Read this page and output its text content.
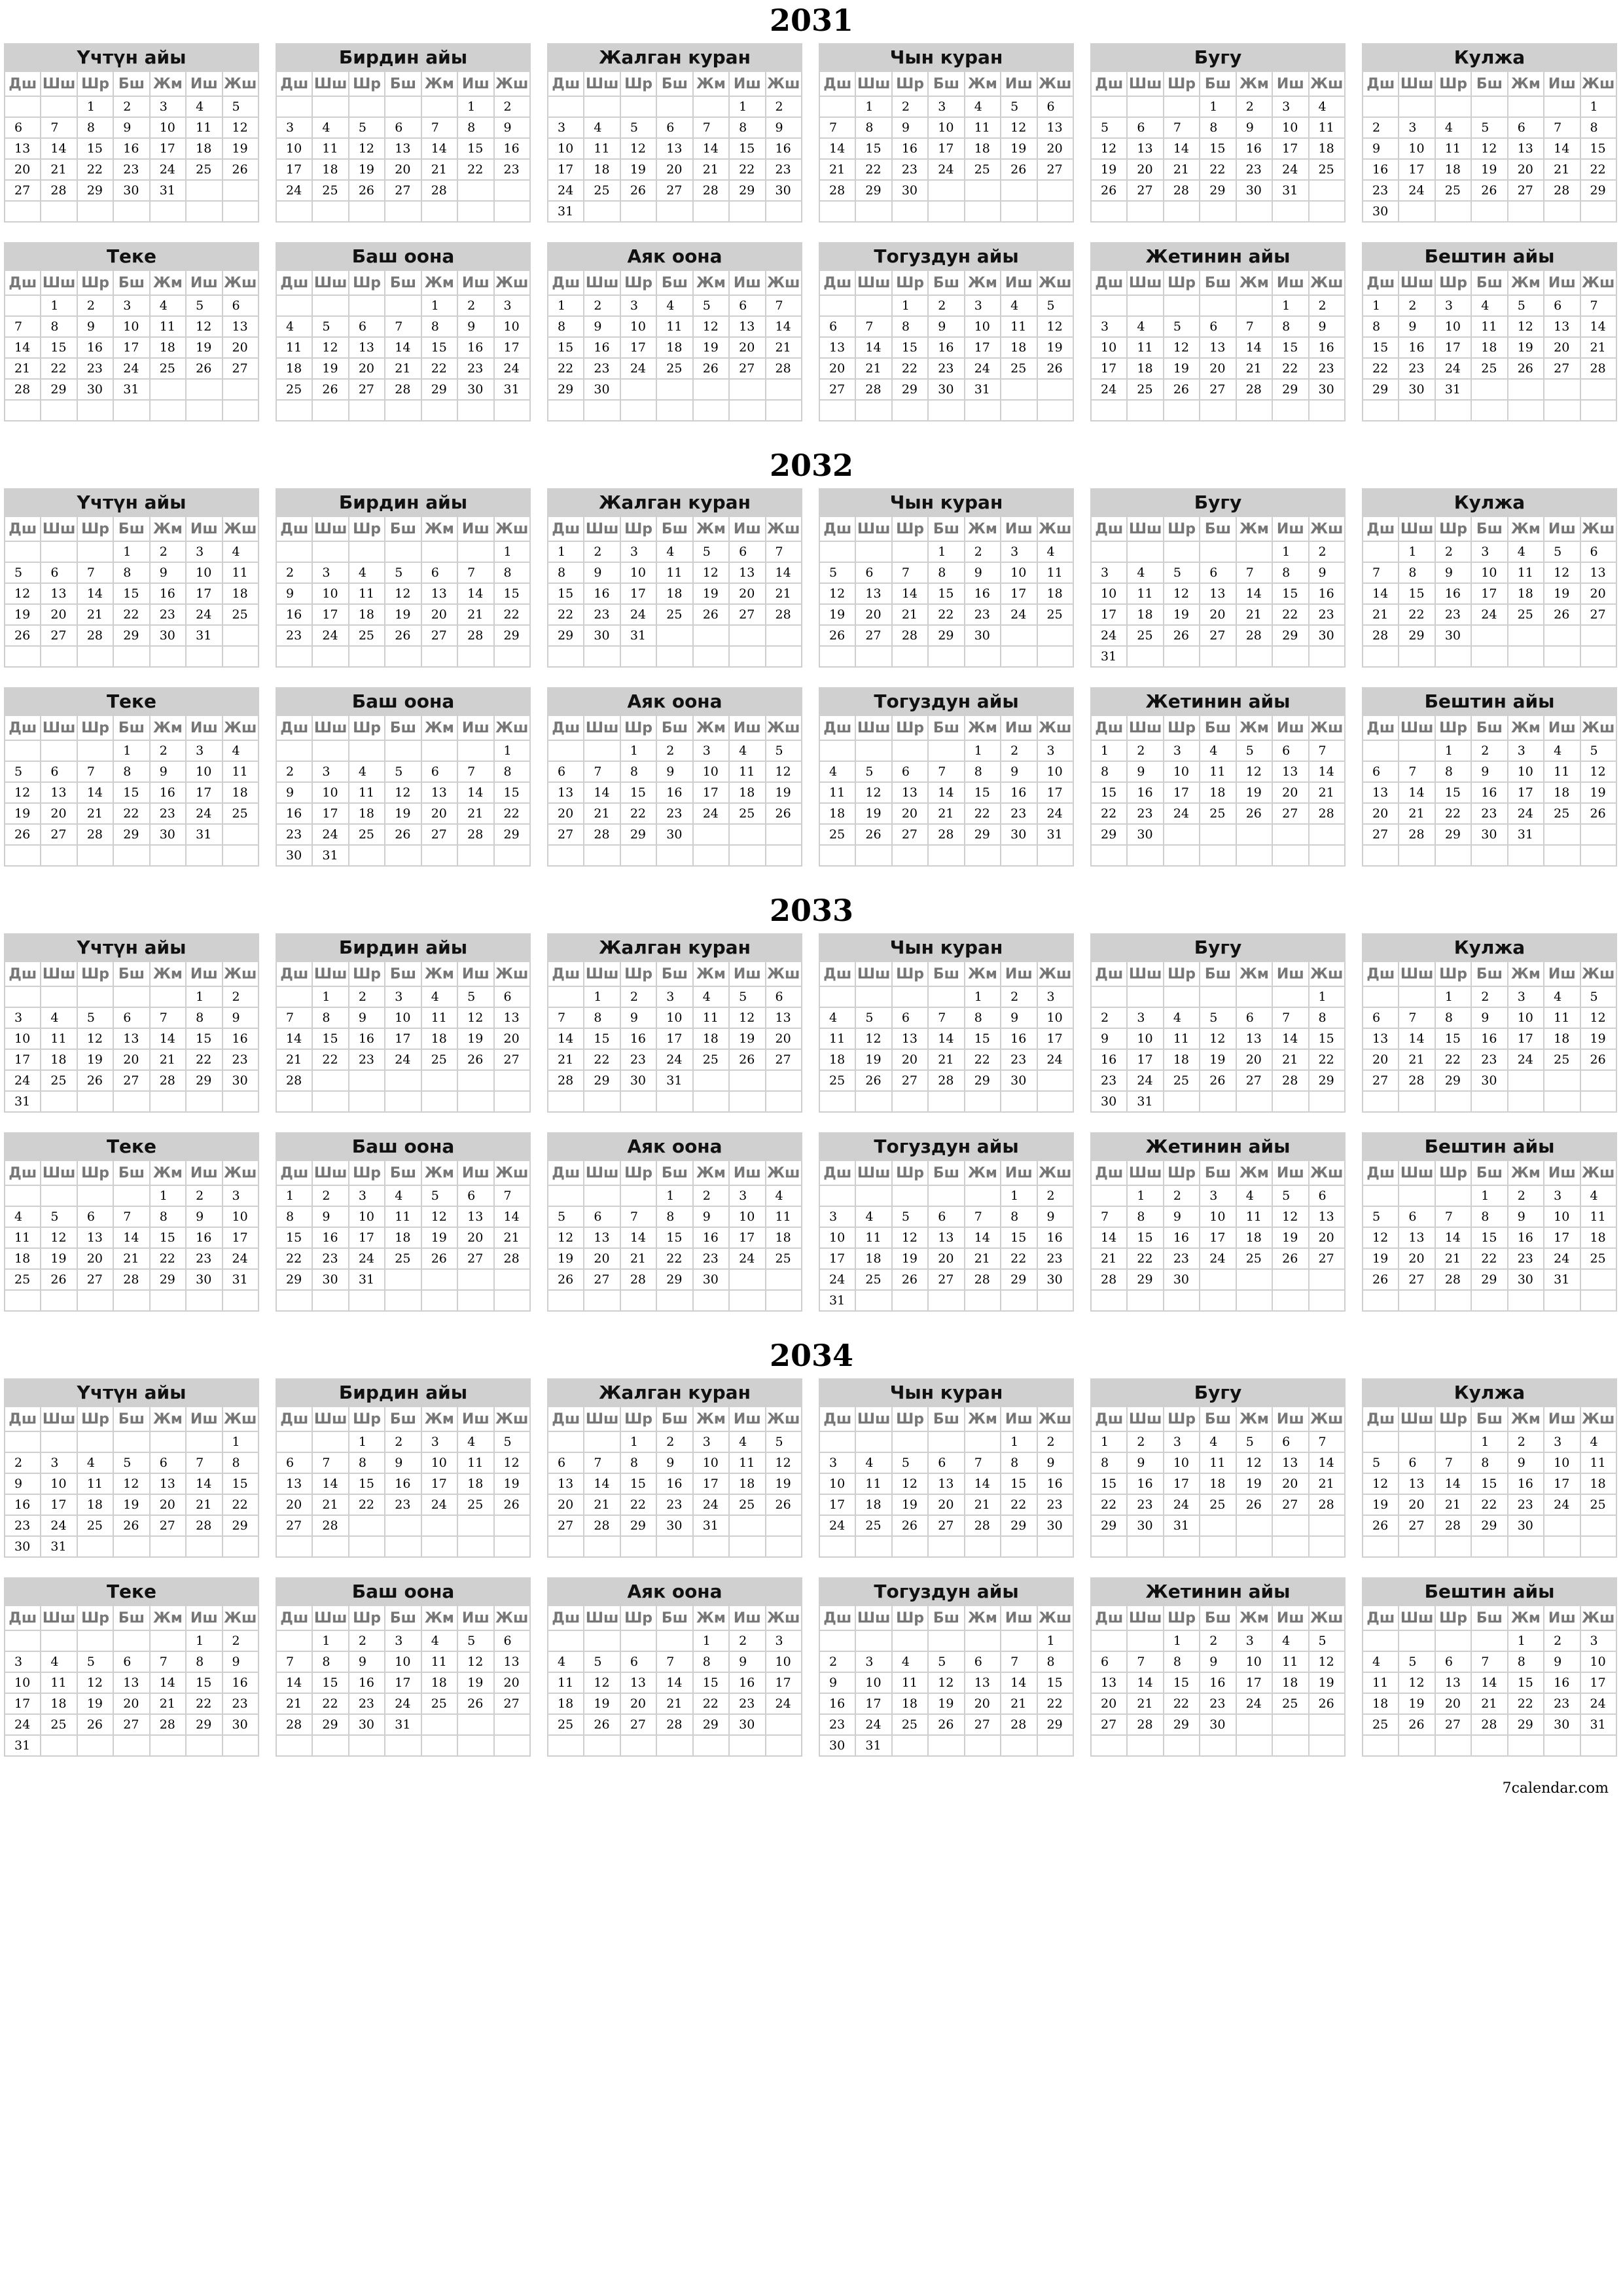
2031
Үчтүн айы
Дш	Шш	Шр	Бш	Жм	Иш	Жш
		1	2	3	4	5
6	7	8	9	10	11	12
13	14	15	16	17	18	19
20	21	22	23	24	25	26
27	28	29	30	31		

Бирдин айы
Дш	Шш	Шр	Бш	Жм	Иш	Жш
					1	2
3	4	5	6	7	8	9
10	11	12	13	14	15	16
17	18	19	20	21	22	23
24	25	26	27	28		

Жалган куран
Дш	Шш	Шр	Бш	Жм	Иш	Жш
					1	2
3	4	5	6	7	8	9
10	11	12	13	14	15	16
17	18	19	20	21	22	23
24	25	26	27	28	29	30
31						
Чын куран
Дш	Шш	Шр	Бш	Жм	Иш	Жш
	1	2	3	4	5	6
7	8	9	10	11	12	13
14	15	16	17	18	19	20
21	22	23	24	25	26	27
28	29	30				

Бугу
Дш	Шш	Шр	Бш	Жм	Иш	Жш
			1	2	3	4
5	6	7	8	9	10	11
12	13	14	15	16	17	18
19	20	21	22	23	24	25
26	27	28	29	30	31	

Кулжа
Дш	Шш	Шр	Бш	Жм	Иш	Жш
						1
2	3	4	5	6	7	8
9	10	11	12	13	14	15
16	17	18	19	20	21	22
23	24	25	26	27	28	29
30						
Теке
Дш	Шш	Шр	Бш	Жм	Иш	Жш
	1	2	3	4	5	6
7	8	9	10	11	12	13
14	15	16	17	18	19	20
21	22	23	24	25	26	27
28	29	30	31			

Баш оона
Дш	Шш	Шр	Бш	Жм	Иш	Жш
				1	2	3
4	5	6	7	8	9	10
11	12	13	14	15	16	17
18	19	20	21	22	23	24
25	26	27	28	29	30	31

Аяк оона
Дш	Шш	Шр	Бш	Жм	Иш	Жш
1	2	3	4	5	6	7
8	9	10	11	12	13	14
15	16	17	18	19	20	21
22	23	24	25	26	27	28
29	30					

Тогуздун айы
Дш	Шш	Шр	Бш	Жм	Иш	Жш
		1	2	3	4	5
6	7	8	9	10	11	12
13	14	15	16	17	18	19
20	21	22	23	24	25	26
27	28	29	30	31		

Жетинин айы
Дш	Шш	Шр	Бш	Жм	Иш	Жш
					1	2
3	4	5	6	7	8	9
10	11	12	13	14	15	16
17	18	19	20	21	22	23
24	25	26	27	28	29	30

Бештин айы
Дш	Шш	Шр	Бш	Жм	Иш	Жш
1	2	3	4	5	6	7
8	9	10	11	12	13	14
15	16	17	18	19	20	21
22	23	24	25	26	27	28
29	30	31				

2032
Үчтүн айы
Дш	Шш	Шр	Бш	Жм	Иш	Жш
			1	2	3	4
5	6	7	8	9	10	11
12	13	14	15	16	17	18
19	20	21	22	23	24	25
26	27	28	29	30	31	

Бирдин айы
Дш	Шш	Шр	Бш	Жм	Иш	Жш
						1
2	3	4	5	6	7	8
9	10	11	12	13	14	15
16	17	18	19	20	21	22
23	24	25	26	27	28	29

Жалган куран
Дш	Шш	Шр	Бш	Жм	Иш	Жш
1	2	3	4	5	6	7
8	9	10	11	12	13	14
15	16	17	18	19	20	21
22	23	24	25	26	27	28
29	30	31				

Чын куран
Дш	Шш	Шр	Бш	Жм	Иш	Жш
			1	2	3	4
5	6	7	8	9	10	11
12	13	14	15	16	17	18
19	20	21	22	23	24	25
26	27	28	29	30		

Бугу
Дш	Шш	Шр	Бш	Жм	Иш	Жш
					1	2
3	4	5	6	7	8	9
10	11	12	13	14	15	16
17	18	19	20	21	22	23
24	25	26	27	28	29	30
31						
Кулжа
Дш	Шш	Шр	Бш	Жм	Иш	Жш
	1	2	3	4	5	6
7	8	9	10	11	12	13
14	15	16	17	18	19	20
21	22	23	24	25	26	27
28	29	30				

Теке
Дш	Шш	Шр	Бш	Жм	Иш	Жш
			1	2	3	4
5	6	7	8	9	10	11
12	13	14	15	16	17	18
19	20	21	22	23	24	25
26	27	28	29	30	31	

Баш оона
Дш	Шш	Шр	Бш	Жм	Иш	Жш
						1
2	3	4	5	6	7	8
9	10	11	12	13	14	15
16	17	18	19	20	21	22
23	24	25	26	27	28	29
30	31					
Аяк оона
Дш	Шш	Шр	Бш	Жм	Иш	Жш
		1	2	3	4	5
6	7	8	9	10	11	12
13	14	15	16	17	18	19
20	21	22	23	24	25	26
27	28	29	30			

Тогуздун айы
Дш	Шш	Шр	Бш	Жм	Иш	Жш
				1	2	3
4	5	6	7	8	9	10
11	12	13	14	15	16	17
18	19	20	21	22	23	24
25	26	27	28	29	30	31

Жетинин айы
Дш	Шш	Шр	Бш	Жм	Иш	Жш
1	2	3	4	5	6	7
8	9	10	11	12	13	14
15	16	17	18	19	20	21
22	23	24	25	26	27	28
29	30					

Бештин айы
Дш	Шш	Шр	Бш	Жм	Иш	Жш
		1	2	3	4	5
6	7	8	9	10	11	12
13	14	15	16	17	18	19
20	21	22	23	24	25	26
27	28	29	30	31		

2033
Үчтүн айы
Дш	Шш	Шр	Бш	Жм	Иш	Жш
					1	2
3	4	5	6	7	8	9
10	11	12	13	14	15	16
17	18	19	20	21	22	23
24	25	26	27	28	29	30
31						
Бирдин айы
Дш	Шш	Шр	Бш	Жм	Иш	Жш
	1	2	3	4	5	6
7	8	9	10	11	12	13
14	15	16	17	18	19	20
21	22	23	24	25	26	27
28						

Жалган куран
Дш	Шш	Шр	Бш	Жм	Иш	Жш
	1	2	3	4	5	6
7	8	9	10	11	12	13
14	15	16	17	18	19	20
21	22	23	24	25	26	27
28	29	30	31			

Чын куран
Дш	Шш	Шр	Бш	Жм	Иш	Жш
				1	2	3
4	5	6	7	8	9	10
11	12	13	14	15	16	17
18	19	20	21	22	23	24
25	26	27	28	29	30	

Бугу
Дш	Шш	Шр	Бш	Жм	Иш	Жш
						1
2	3	4	5	6	7	8
9	10	11	12	13	14	15
16	17	18	19	20	21	22
23	24	25	26	27	28	29
30	31					
Кулжа
Дш	Шш	Шр	Бш	Жм	Иш	Жш
		1	2	3	4	5
6	7	8	9	10	11	12
13	14	15	16	17	18	19
20	21	22	23	24	25	26
27	28	29	30			

Теке
Дш	Шш	Шр	Бш	Жм	Иш	Жш
				1	2	3
4	5	6	7	8	9	10
11	12	13	14	15	16	17
18	19	20	21	22	23	24
25	26	27	28	29	30	31

Баш оона
Дш	Шш	Шр	Бш	Жм	Иш	Жш
1	2	3	4	5	6	7
8	9	10	11	12	13	14
15	16	17	18	19	20	21
22	23	24	25	26	27	28
29	30	31				

Аяк оона
Дш	Шш	Шр	Бш	Жм	Иш	Жш
			1	2	3	4
5	6	7	8	9	10	11
12	13	14	15	16	17	18
19	20	21	22	23	24	25
26	27	28	29	30		

Тогуздун айы
Дш	Шш	Шр	Бш	Жм	Иш	Жш
					1	2
3	4	5	6	7	8	9
10	11	12	13	14	15	16
17	18	19	20	21	22	23
24	25	26	27	28	29	30
31						
Жетинин айы
Дш	Шш	Шр	Бш	Жм	Иш	Жш
	1	2	3	4	5	6
7	8	9	10	11	12	13
14	15	16	17	18	19	20
21	22	23	24	25	26	27
28	29	30				

Бештин айы
Дш	Шш	Шр	Бш	Жм	Иш	Жш
			1	2	3	4
5	6	7	8	9	10	11
12	13	14	15	16	17	18
19	20	21	22	23	24	25
26	27	28	29	30	31	

2034
Үчтүн айы
Дш	Шш	Шр	Бш	Жм	Иш	Жш
						1
2	3	4	5	6	7	8
9	10	11	12	13	14	15
16	17	18	19	20	21	22
23	24	25	26	27	28	29
30	31					
Бирдин айы
Дш	Шш	Шр	Бш	Жм	Иш	Жш
		1	2	3	4	5
6	7	8	9	10	11	12
13	14	15	16	17	18	19
20	21	22	23	24	25	26
27	28					

Жалган куран
Дш	Шш	Шр	Бш	Жм	Иш	Жш
		1	2	3	4	5
6	7	8	9	10	11	12
13	14	15	16	17	18	19
20	21	22	23	24	25	26
27	28	29	30	31		

Чын куран
Дш	Шш	Шр	Бш	Жм	Иш	Жш
					1	2
3	4	5	6	7	8	9
10	11	12	13	14	15	16
17	18	19	20	21	22	23
24	25	26	27	28	29	30

Бугу
Дш	Шш	Шр	Бш	Жм	Иш	Жш
1	2	3	4	5	6	7
8	9	10	11	12	13	14
15	16	17	18	19	20	21
22	23	24	25	26	27	28
29	30	31				

Кулжа
Дш	Шш	Шр	Бш	Жм	Иш	Жш
			1	2	3	4
5	6	7	8	9	10	11
12	13	14	15	16	17	18
19	20	21	22	23	24	25
26	27	28	29	30		

Теке
Дш	Шш	Шр	Бш	Жм	Иш	Жш
					1	2
3	4	5	6	7	8	9
10	11	12	13	14	15	16
17	18	19	20	21	22	23
24	25	26	27	28	29	30
31						
Баш оона
Дш	Шш	Шр	Бш	Жм	Иш	Жш
	1	2	3	4	5	6
7	8	9	10	11	12	13
14	15	16	17	18	19	20
21	22	23	24	25	26	27
28	29	30	31			

Аяк оона
Дш	Шш	Шр	Бш	Жм	Иш	Жш
				1	2	3
4	5	6	7	8	9	10
11	12	13	14	15	16	17
18	19	20	21	22	23	24
25	26	27	28	29	30	

Тогуздун айы
Дш	Шш	Шр	Бш	Жм	Иш	Жш
						1
2	3	4	5	6	7	8
9	10	11	12	13	14	15
16	17	18	19	20	21	22
23	24	25	26	27	28	29
30	31					
Жетинин айы
Дш	Шш	Шр	Бш	Жм	Иш	Жш
		1	2	3	4	5
6	7	8	9	10	11	12
13	14	15	16	17	18	19
20	21	22	23	24	25	26
27	28	29	30			

Бештин айы
Дш	Шш	Шр	Бш	Жм	Иш	Жш
				1	2	3
4	5	6	7	8	9	10
11	12	13	14	15	16	17
18	19	20	21	22	23	24
25	26	27	28	29	30	31

7calendar.com
